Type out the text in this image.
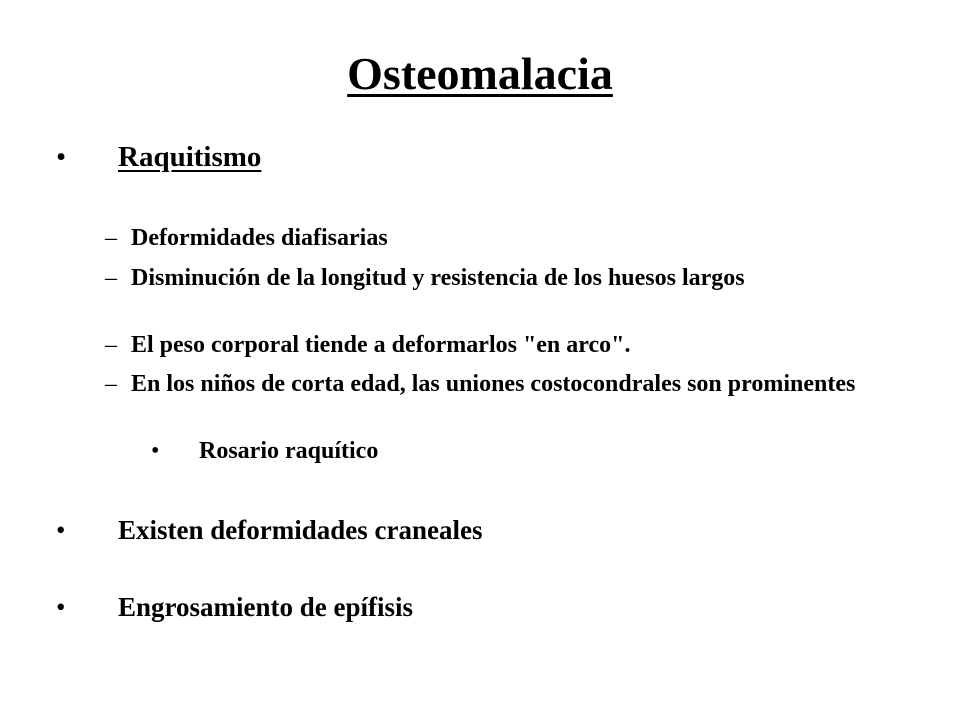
Osteomalacia
• Raquitismo
– Deformidades diafisarias
– Disminución de la longitud y resistencia de los huesos largos
– El peso corporal tiende a deformarlos "en arco".
– En los niños de corta edad, las uniones costocondrales son prominentes
• Rosario raquítico
• Existen deformidades craneales
• Engrosamiento de epífisis
